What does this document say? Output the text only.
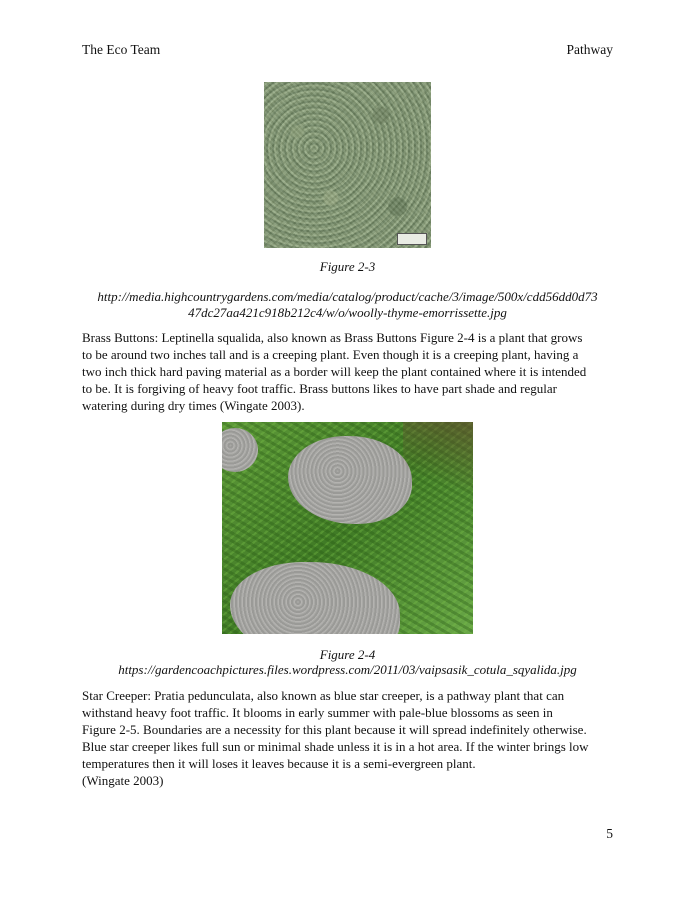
The Eco Team	Pathway
Figure 2-3
http://media.highcountrygardens.com/media/catalog/product/cache/3/image/500x/cdd56dd0d73
47dc27aa421c918b212c4/w/o/woolly-thyme-emorrissette.jpg
Brass Buttons: Leptinella squalida, also known as Brass Buttons Figure 2-4 is a plant that grows
to be around two inches tall and is a creeping plant. Even though it is a creeping plant, having a
two inch thick hard paving material as a border will keep the plant contained where it is intended
to be. It is forgiving of heavy foot traffic. Brass buttons likes to have part shade and regular
watering during dry times (Wingate 2003).
Figure 2-4
https://gardencoachpictures.files.wordpress.com/2011/03/vaipsasik_cotula_sqyalida.jpg
Star Creeper: Pratia pedunculata, also known as blue star creeper, is a pathway plant that can
withstand heavy foot traffic. It blooms in early summer with pale-blue blossoms as seen in
Figure 2-5. Boundaries are a necessity for this plant because it will spread indefinitely otherwise.
Blue star creeper likes full sun or minimal shade unless it is in a hot area. If the winter brings low
temperatures then it will loses it leaves because it is a semi-evergreen plant.
(Wingate 2003)
5
